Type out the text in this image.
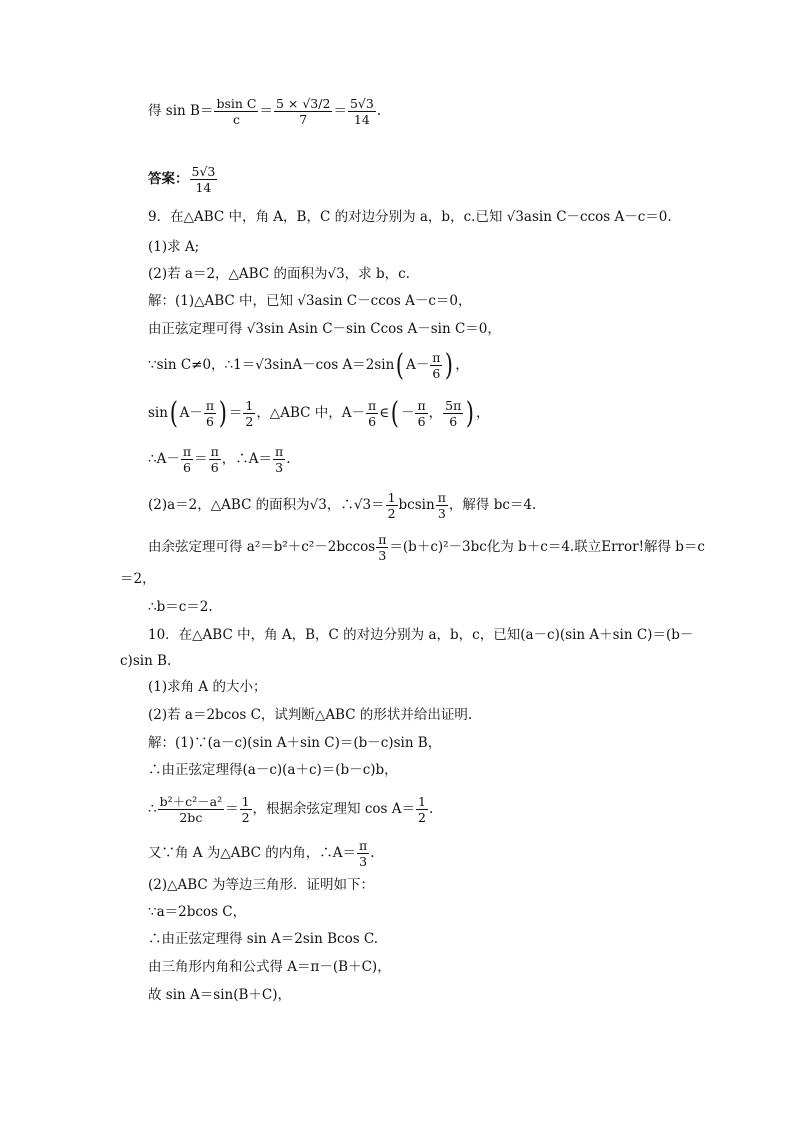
得 $\sin B= \frac{\text{bsin C}}{c} = \frac{5 \times √3/2}{7} = \frac{5√3}{14}$ .
答案： $\frac{5√3}{14}$
9．在△ABC 中，角 A，B，C 的对边分别为 a，b，c.已知 √3asin C－ccos A－c＝0.
(1)求 A;
(2)若 a＝2，△ABC 的面积为√3，求 b，c.
解：(1)△ABC 中，已知 √3asin C－ccos A－c＝0，
由正弦定理可得 √3sin Asin C－sin Ccos A－sin C＝0，
∵sin C≠0，∴1＝√3sinA－cos A＝2sin( $A- \frac{\pi}{6}$ ) ，
sin( $A- \frac{\pi}{6}$ ) ＝ $\frac{1}{2}$ ，△ABC 中，$A- \frac{\pi}{6}$ ∈( － $\frac{\pi}{6}$ ， $\frac{5\pi}{6}$ ) ，
∴A－ $\frac{\pi}{6} = \frac{\pi}{6}$ ，∴A＝ $\frac{\pi}{3}$ .
(2)a＝2，△ABC 的面积为√3，∴√3＝ $\frac{1}{2}$ bcsin $\frac{\pi}{3}$ ，解得 bc＝4.
由余弦定理可得 $a^2=b^2+c^2-2bccos \frac{\pi}{3} =(b+c)^2-3bc$化为 b＋c＝4.联立Error!解得 b＝c
＝2，
∴b＝c＝2.
10．在△ABC 中，角 A，B，C 的对边分别为 a，b，c，已知(a－c)(sin A＋sin C)＝(b－
c)sin B.
(1)求角 A 的大小；
(2)若 a＝2bcos C，试判断△ABC 的形状并给出证明.
解：(1)∵(a－c)(sin A＋sin C)＝(b－c)sin B，
∴由正弦定理得(a－c)(a＋c)＝(b－c)b，
∴ $\frac{\text{b²＋c²－a²}}{2bc} = \frac{1}{2}$ ，根据余弦定理知 $\cos A= \frac{1}{2}$ .
又∵角 A 为△ABC 的内角，∴A＝ $\frac{\pi}{3}$ .
(2)△ABC 为等边三角形．证明如下：
∵a＝2bcos C，
∴由正弦定理得 sin A＝2sin Bcos C.
由三角形内角和公式得 A＝π－(B＋C)，
故 sin A＝sin(B＋C)，
